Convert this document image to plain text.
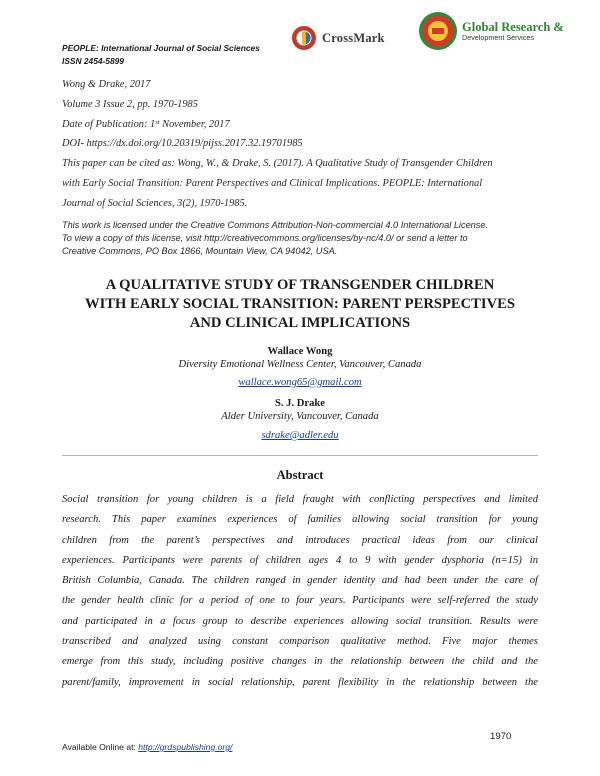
CrossMark
Global Research &
Development Services
PEOPLE: International Journal of Social Sciences
ISSN 2454-5899
Wong & Drake, 2017
Volume 3 Issue 2, pp. 1970-1985
Date of Publication: 1st November, 2017
DOI- https://dx.doi.org/10.20319/pijss.2017.32.19701985
This paper can be cited as: Wong, W., & Drake, S. (2017). A Qualitative Study of Transgender Children
with Early Social Transition: Parent Perspectives and Clinical Implications. PEOPLE: International
Journal of Social Sciences, 3(2), 1970-1985.
This work is licensed under the Creative Commons Attribution-Non-commercial 4.0 International License.
To view a copy of this license, visit http://creativecommons.org/licenses/by-nc/4.0/ or send a letter to
Creative Commons, PO Box 1866, Mountain View, CA 94042, USA.
A QUALITATIVE STUDY OF TRANSGENDER CHILDREN
WITH EARLY SOCIAL TRANSITION: PARENT PERSPECTIVES
AND CLINICAL IMPLICATIONS
Wallace Wong
Diversity Emotional Wellness Center, Vancouver, Canada
wallace.wong65@gmail.com
S. J. Drake
Alder University, Vancouver, Canada
sdrake@adler.edu
Abstract
Social transition for young children is a field fraught with conflicting perspectives and limited
research. This paper examines experiences of families allowing social transition for young
children from the parent’s perspectives and introduces practical ideas from our clinical
experiences. Participants were parents of children ages 4 to 9 with gender dysphoria (n=15) in
British Columbia, Canada. The children ranged in gender identity and had been under the care of
the gender health clinic for a period of one to four years. Participants were self-referred the study
and participated in a focus group to describe experiences allowing social transition. Results were
transcribed and analyzed using constant comparison qualitative method. Five major themes
emerge from this study, including positive changes in the relationship between the child and the
parent/family, improvement in social relationship, parent flexibility in the relationship between the
1970
Available Online at: http://grdspublishing.org/
